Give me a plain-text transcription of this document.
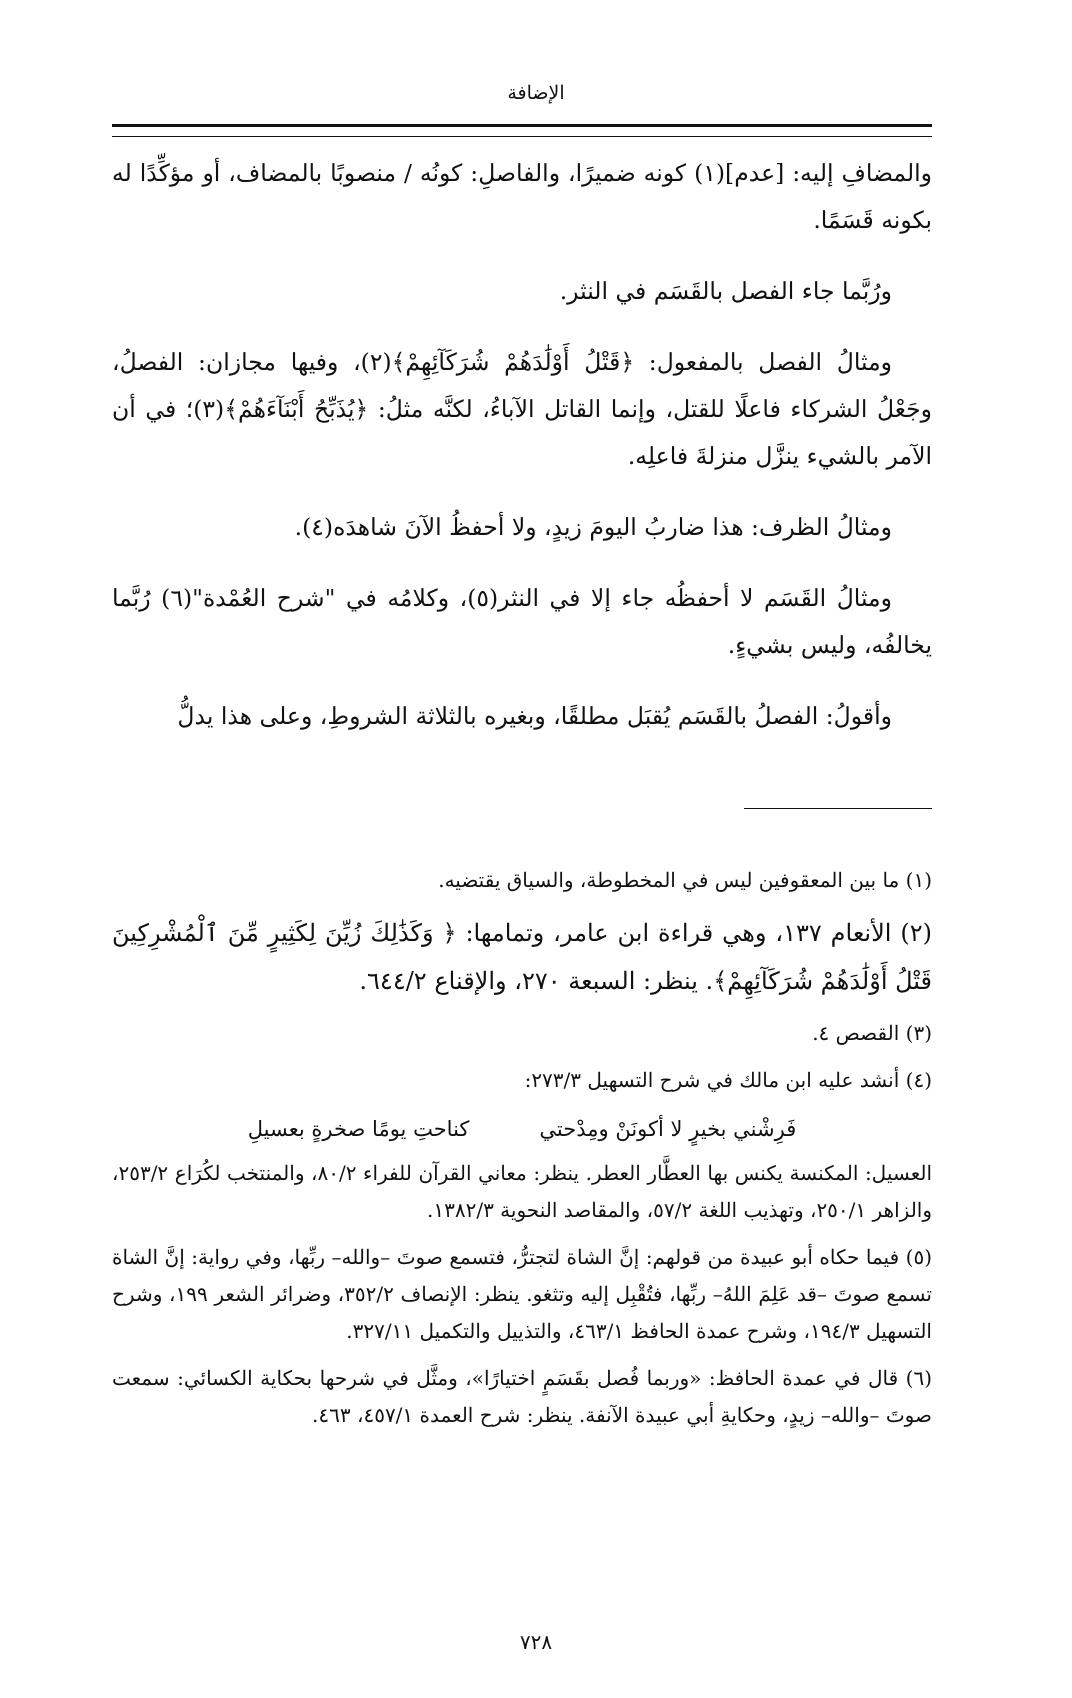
الإضافة

والمضافِ إليه: [عدم](١) كونه ضميرًا، والفاصلِ: كونُه / منصوبًا بالمضاف، أو مؤكِّدًا له بكونه قَسَمًا.

ورُبَّما جاء الفصل بالقَسَم في النثر.

ومثالُ الفصل بالمفعول: ﴿قَتْلُ أَوْلَٰدَهُمْ شُرَكَآئِهِمْ﴾(٢)، وفيها مجازان: الفصلُ، وجَعْلُ الشركاء فاعلًا للقتل، وإنما القاتل الآباءُ، لكنَّه مثلُ: ﴿يُذَبِّحُ أَبْنَآءَهُمْ﴾(٣)؛ في أن الآمر بالشيء ينزَّل منزلةَ فاعلِه.

ومثالُ الظرف: هذا ضاربُ اليومَ زيدٍ، ولا أحفظُ الآنَ شاهدَه(٤).

ومثالُ القَسَم لا أحفظُه جاء إلا في النثر(٥)، وكلامُه في "شرح العُمْدة"(٦) رُبَّما يخالفُه، وليس بشيءٍ.

وأقولُ: الفصلُ بالقَسَم يُقبَل مطلقًا، وبغيره بالثلاثة الشروطِ، وعلى هذا يدلُّ

(١) ما بين المعقوفين ليس في المخطوطة، والسياق يقتضيه.

(٢) الأنعام ١٣٧، وهي قراءة ابن عامر، وتمامها: ﴿ وَكَذَٰلِكَ زُيِّنَ لِكَثِيرٍ مِّنَ ٱلْمُشْرِكِينَ قَتْلُ أَوْلَٰدَهُمْ شُرَكَآئِهِمْ﴾. ينظر: السبعة ٢٧٠، والإقناع ٦٤٤/٢.

(٣) القصص ٤.

(٤) أنشد عليه ابن مالك في شرح التسهيل ٢٧٣/٣:

فَرِشْني بخيرٍ لا أكونَنْ ومِدْحتي
كناحتِ يومًا صخرةٍ بعسيلِ

العسيل: المكنسة يكنس بها العطَّار العطر. ينظر: معاني القرآن للفراء ٨٠/٢، والمنتخب لكُرَاع ٢٥٣/٢، والزاهر ٢٥٠/١، وتهذيب اللغة ٥٧/٢، والمقاصد النحوية ١٣٨٢/٣.

(٥) فيما حكاه أبو عبيدة من قولهم: إنَّ الشاة لتجترُّ، فتسمع صوتَ –والله– ربِّها، وفي رواية: إنَّ الشاة تسمع صوتَ –قد عَلِمَ اللهُ– ربِّها، فتُقْبِل إليه وتثغو. ينظر: الإنصاف ٣٥٢/٢، وضرائر الشعر ١٩٩، وشرح التسهيل ١٩٤/٣، وشرح عمدة الحافظ ٤٦٣/١، والتذييل والتكميل ٣٢٧/١١.

(٦) قال في عمدة الحافظ: «وربما فُصل بقَسَمٍ اختيارًا»، ومثَّل في شرحها بحكاية الكسائي: سمعت صوتَ –والله– زيدٍ، وحكايةِ أبي عبيدة الآنفة. ينظر: شرح العمدة ٤٥٧/١، ٤٦٣.

٧٢٨
